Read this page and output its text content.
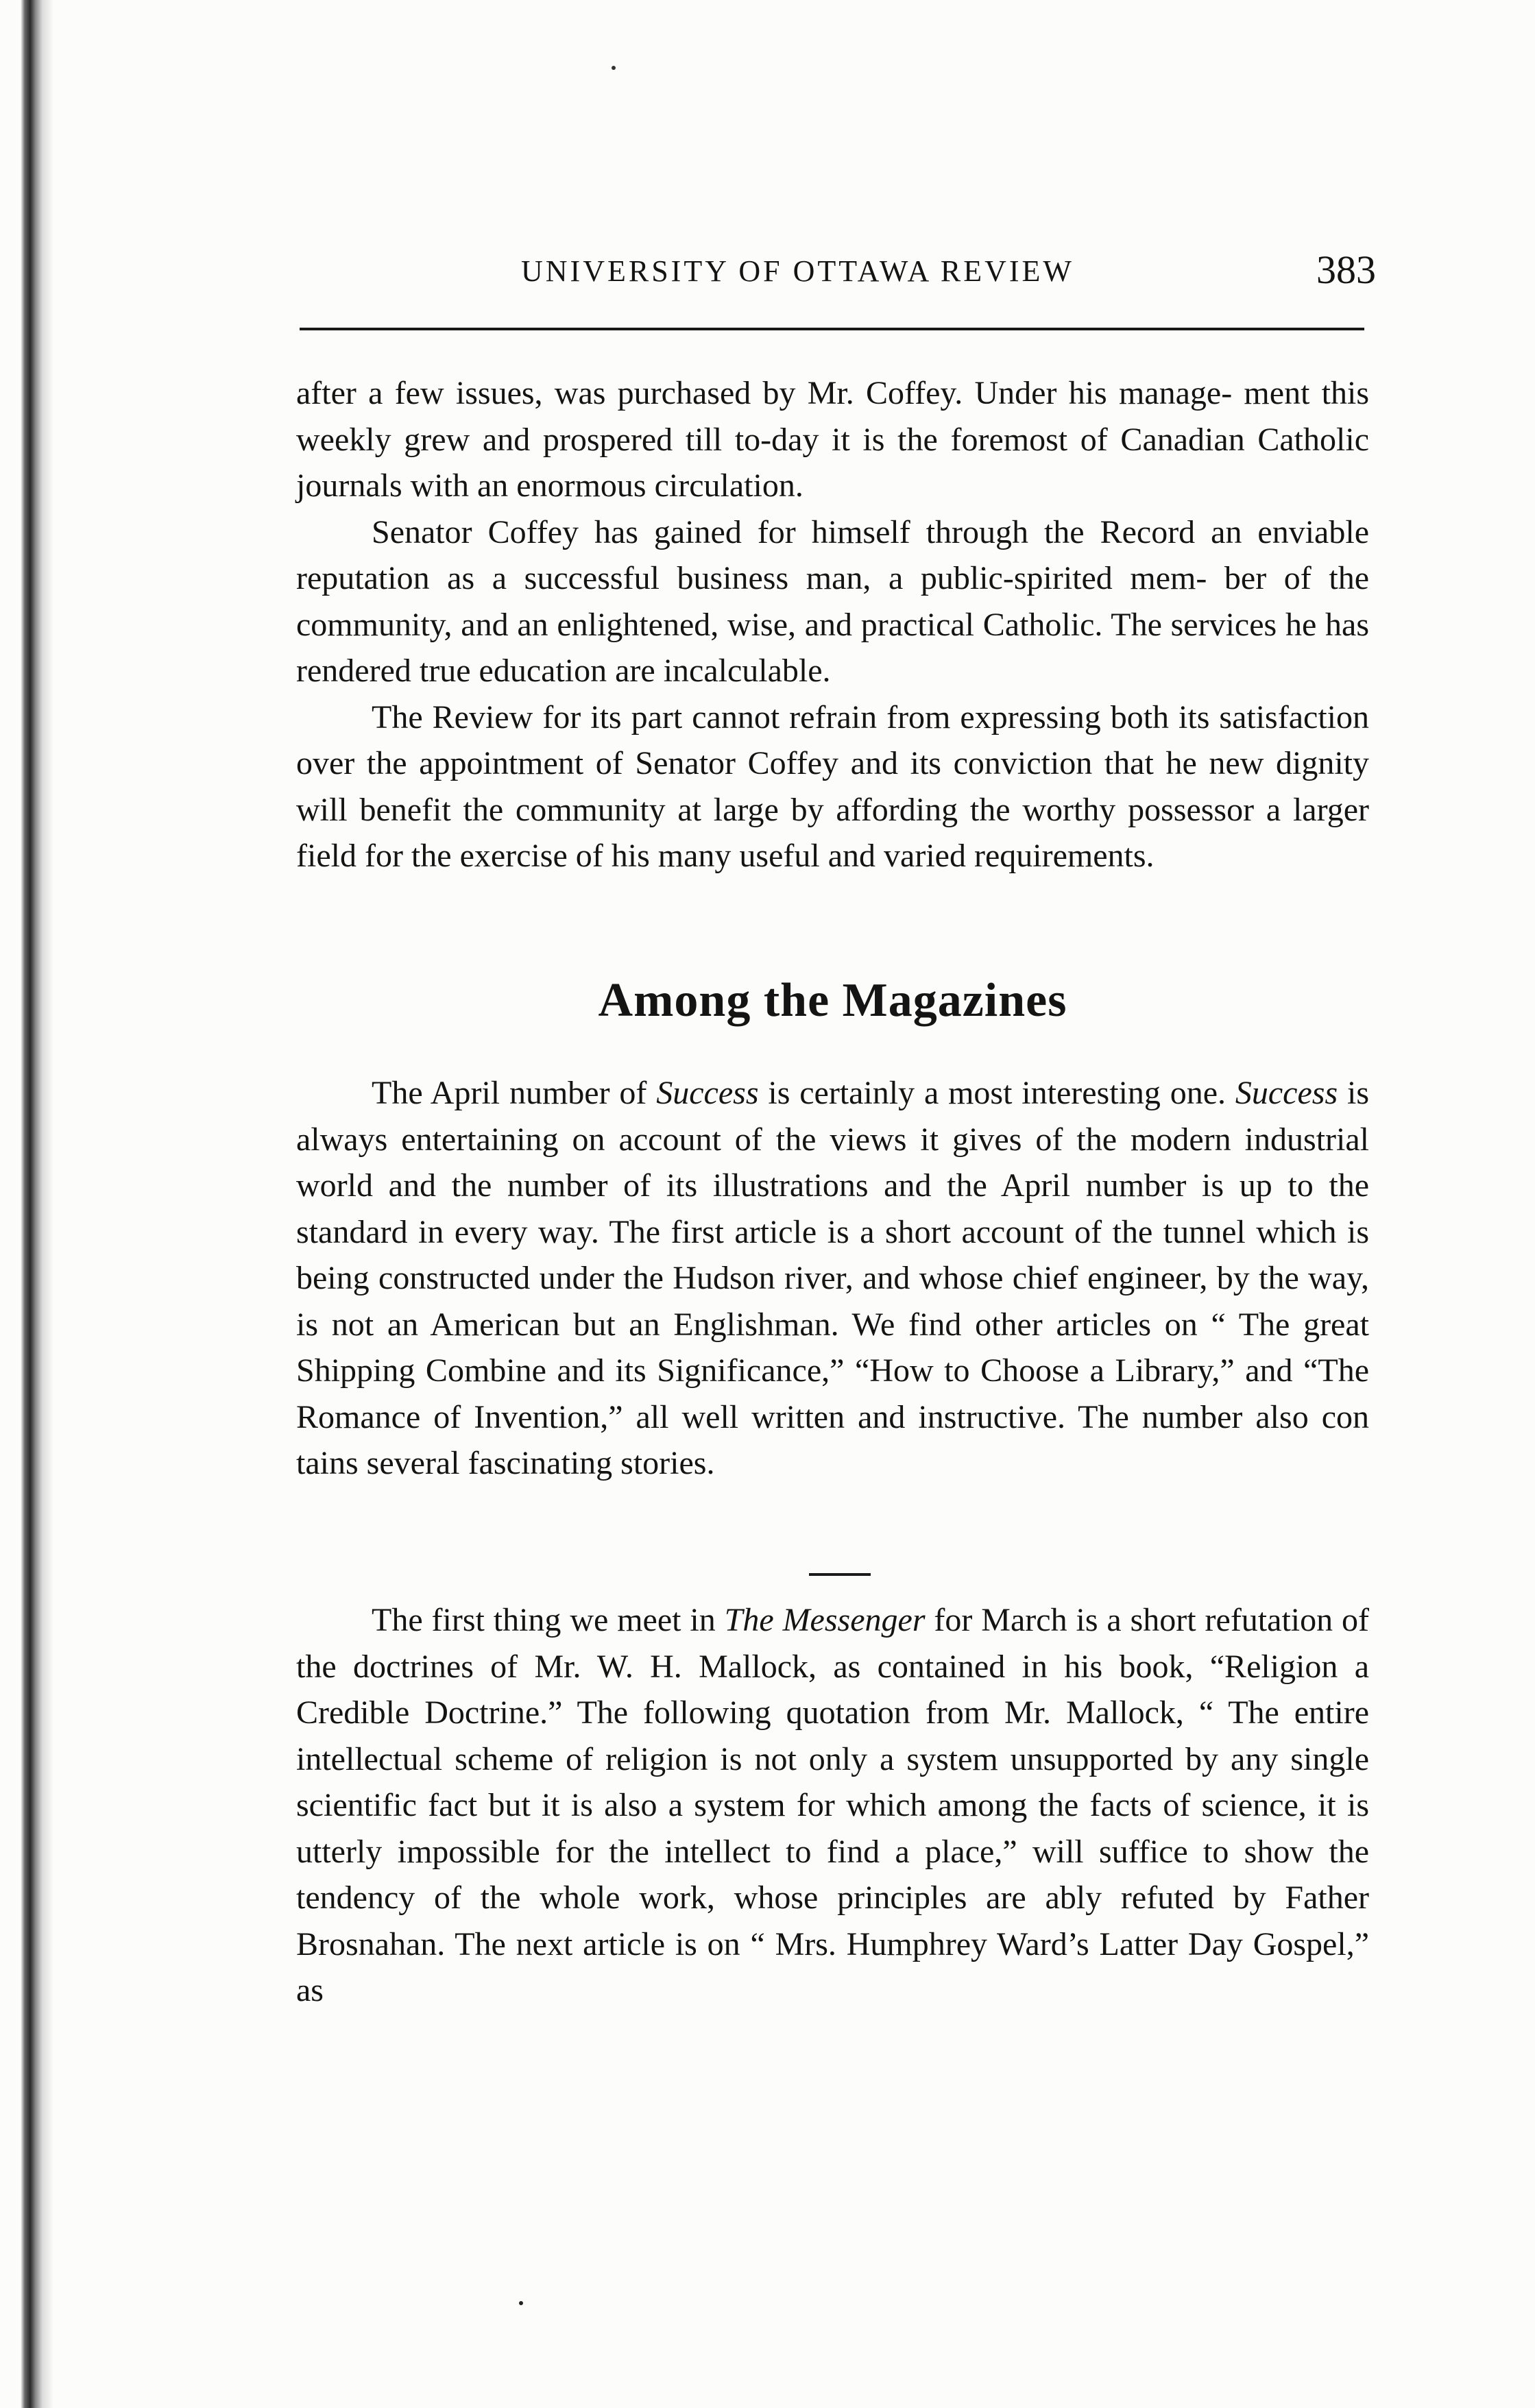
UNIVERSITY OF OTTAWA REVIEW	383

after a few issues, was purchased by Mr. Coffey. Under his manage- ment this weekly grew and prospered till to-day it is the foremost of Canadian Catholic journals with an enormous circulation.

Senator Coffey has gained for himself through the Record an enviable reputation as a successful business man, a public-spirited mem- ber of the community, and an enlightened, wise, and practical Catholic. The services he has rendered true education are incalculable.

The Review for its part cannot refrain from expressing both its satisfaction over the appointment of Senator Coffey and its conviction that he new dignity will benefit the community at large by affording the worthy possessor a larger field for the exercise of his many useful and varied requirements.

Among the Magazines

The April number of Success is certainly a most interesting one. Success is always entertaining on account of the views it gives of the modern industrial world and the number of its illustrations and the April number is up to the standard in every way. The first article is a short account of the tunnel which is being constructed under the Hudson river, and whose chief engineer, by the way, is not an American but an Englishman. We find other articles on “ The great Shipping Combine and its Significance,” “How to Choose a Library,” and “The Romance of Invention,” all well written and instructive. The number also con tains several fascinating stories.

The first thing we meet in The Messenger for March is a short refutation of the doctrines of Mr. W. H. Mallock, as contained in his book, “Religion a Credible Doctrine.” The following quotation from Mr. Mallock, “ The entire intellectual scheme of religion is not only a system unsupported by any single scientific fact but it is also a system for which among the facts of science, it is utterly impossible for the intellect to find a place,” will suffice to show the tendency of the whole work, whose principles are ably refuted by Father Brosnahan. The next article is on “ Mrs. Humphrey Ward’s Latter Day Gospel,” as
